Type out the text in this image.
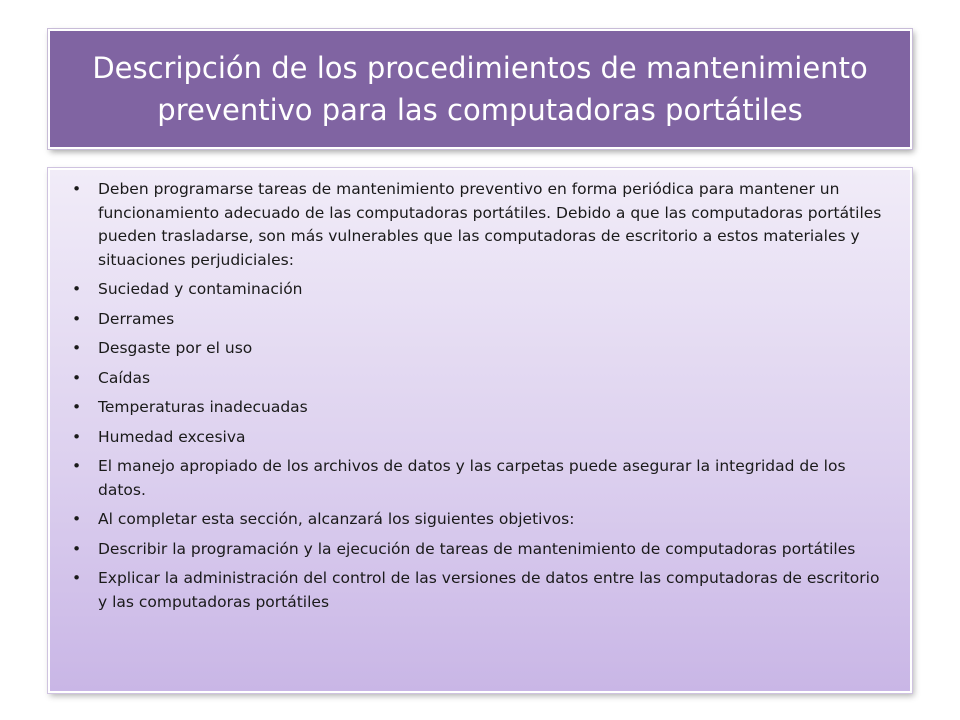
Descripción de los procedimientos de mantenimiento preventivo para las computadoras portátiles
• Deben programarse tareas de mantenimiento preventivo en forma periódica para mantener un funcionamiento adecuado de las computadoras portátiles. Debido a que las computadoras portátiles pueden trasladarse, son más vulnerables que las computadoras de escritorio a estos materiales y situaciones perjudiciales:
• Suciedad y contaminación
• Derrames
• Desgaste por el uso
• Caídas
• Temperaturas inadecuadas
• Humedad excesiva
• El manejo apropiado de los archivos de datos y las carpetas puede asegurar la integridad de los datos.
• Al completar esta sección, alcanzará los siguientes objetivos:
• Describir la programación y la ejecución de tareas de mantenimiento de computadoras portátiles
• Explicar la administración del control de las versiones de datos entre las computadoras de escritorio y las computadoras portátiles
